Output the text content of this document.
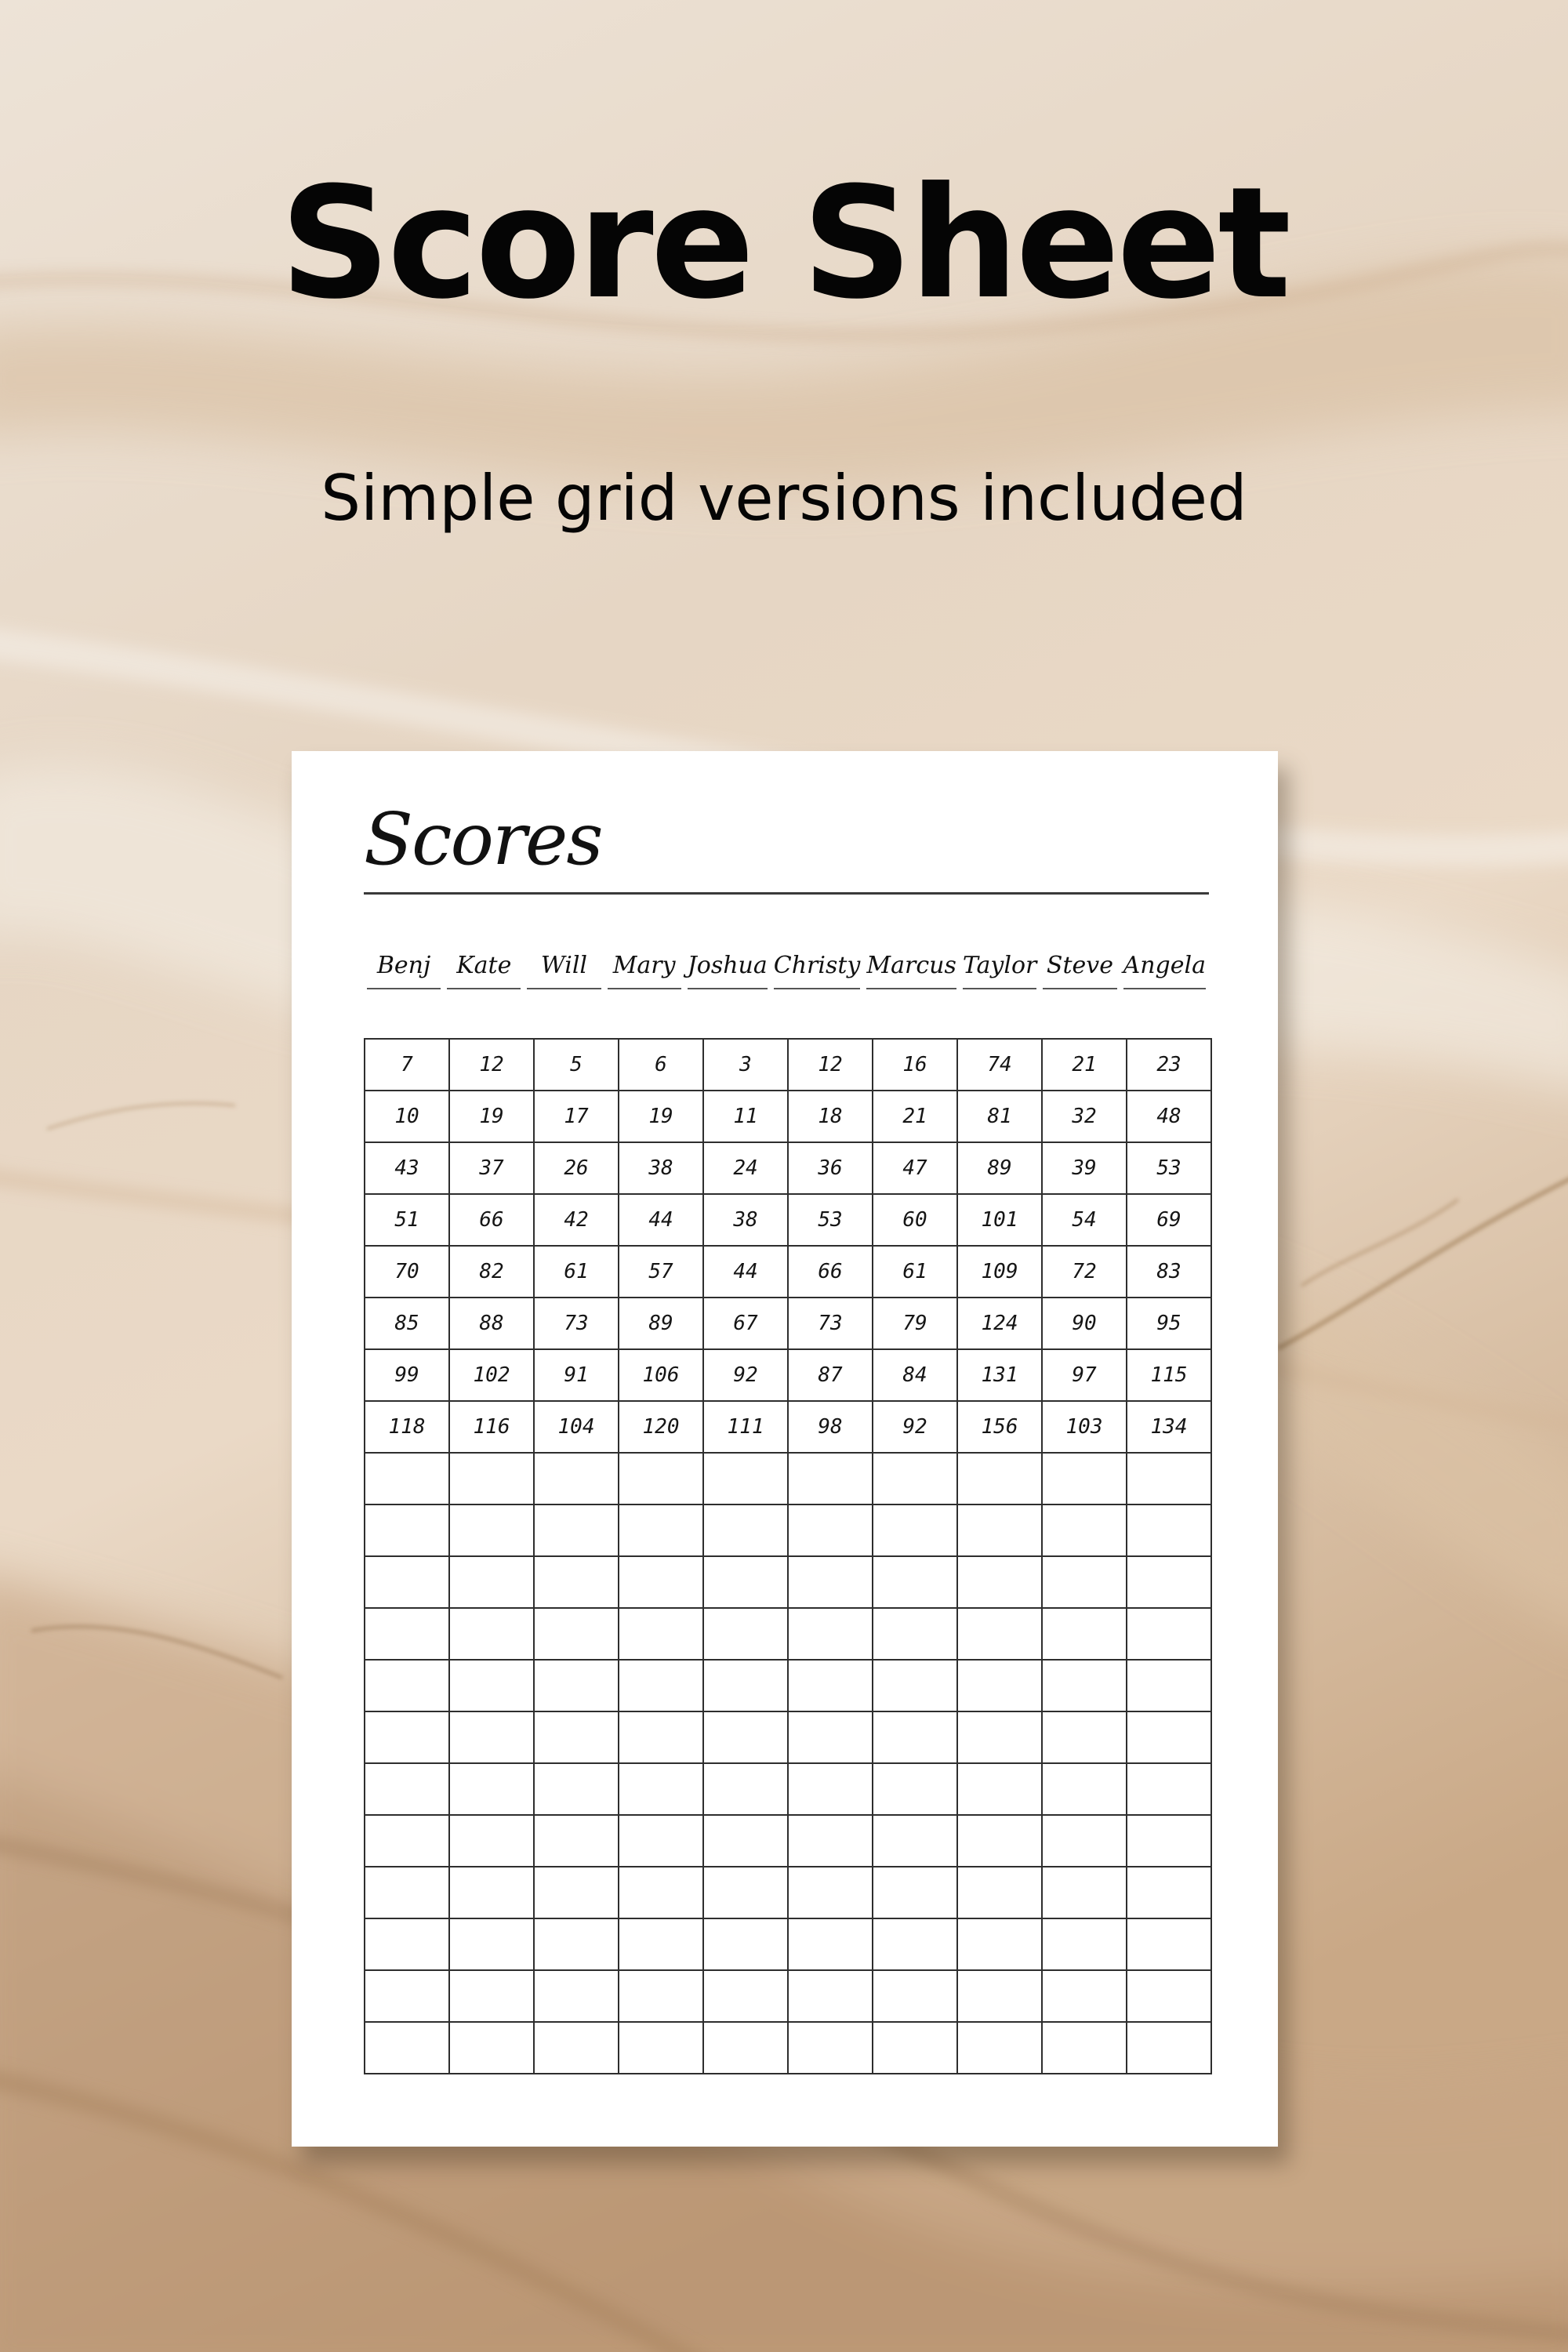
Score Sheet

Simple grid versions included

Scores
Benj	Kate	Will	Mary Joshua Christy Marcus Taylor Steve Angela
7	12	5	6	3	12	16	74	21	23
10	19	17	19	11	18	21	81	32	48
43	37	26	38	24	36	47	89	39	53
51	66	42	44	38	53	60	101	54	69
70	82	61	57	44	66	61	109	72	83
85	88	73	89	67	73	79	124	90	95
99	102	91	106	92	87	84	131	97	115
118	116	104	120	111	98	92	156	103	134
